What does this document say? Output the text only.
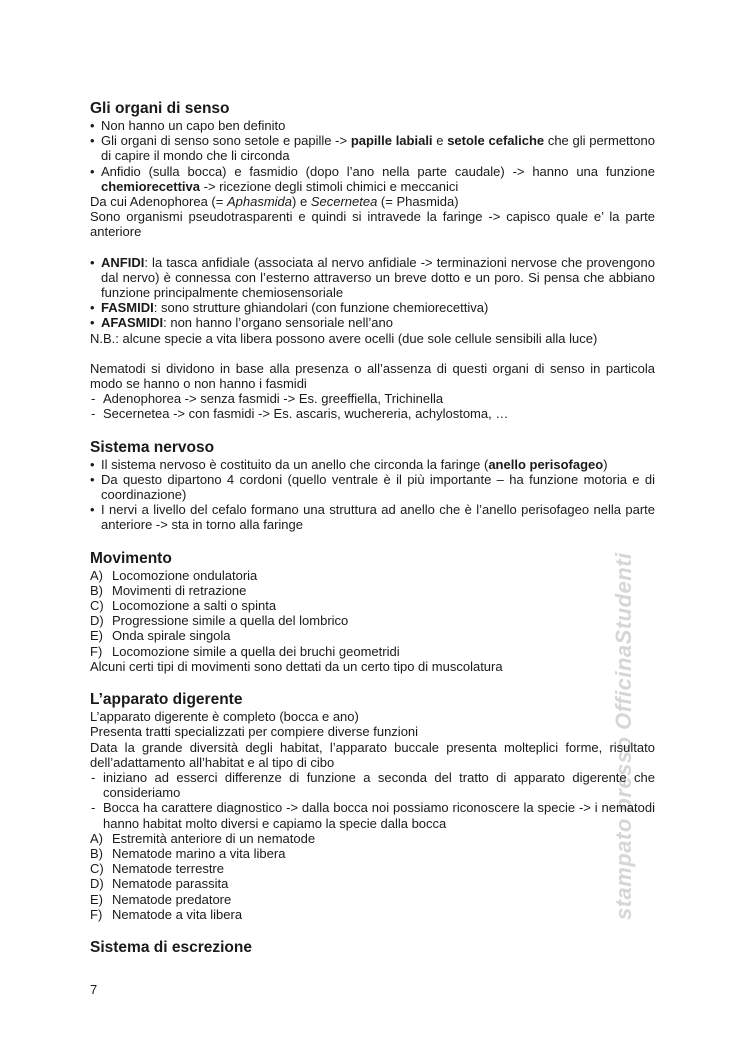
stampato presso OfficinaStudenti
Gli organi di senso
• Non hanno un capo ben definito
• Gli organi di senso sono setole e papille -> papille labiali e setole cefaliche che gli permettono di capire il mondo che li circonda
• Anfidio (sulla bocca) e fasmidio (dopo l’ano nella parte caudale) -> hanno una funzione chemiorecettiva -> ricezione degli stimoli chimici e meccanici

Da cui Adenophorea (= Aphasmida) e Secernetea (= Phasmida)

Sono organismi pseudotrasparenti e quindi si intravede la faringe -> capisco quale e’ la parte anteriore

• ANFIDI: la tasca anfidiale (associata al nervo anfidiale -> terminazioni nervose che provengono dal nervo) è connessa con l’esterno attraverso un breve dotto e un poro. Si pensa che abbiano funzione principalmente chemiosensoriale
• FASMIDI: sono strutture ghiandolari (con funzione chemiorecettiva)
• AFASMIDI: non hanno l’organo sensoriale nell’ano

N.B.: alcune specie a vita libera possono avere ocelli (due sole cellule sensibili alla luce)

Nematodi si dividono in base alla presenza o all’assenza di questi organi di senso in particola modo se hanno o non hanno i fasmidi

- Adenophorea -> senza fasmidi -> Es. greeffiella, Trichinella
- Secernetea -> con fasmidi -> Es. ascaris, wuchereria, achylostoma, …
Sistema nervoso
• Il sistema nervoso è costituito da un anello che circonda la faringe (anello perisofageo)
• Da questo dipartono 4 cordoni (quello ventrale è il più importante – ha funzione motoria e di coordinazione)
• I nervi a livello del cefalo formano una struttura ad anello che è l’anello perisofageo nella parte anteriore -> sta in torno alla faringe
Movimento
A) Locomozione ondulatoria
B) Movimenti di retrazione
C) Locomozione a salti o spinta
D) Progressione simile a quella del lombrico
E) Onda spirale singola
F) Locomozione simile a quella dei bruchi geometridi

Alcuni certi tipi di movimenti sono dettati da un certo tipo di muscolatura

L’apparato digerente

L’apparato digerente è completo (bocca e ano)

Presenta tratti specializzati per compiere diverse funzioni

Data la grande diversità degli habitat, l’apparato buccale presenta molteplici forme, risultato dell’adattamento all’habitat e al tipo di cibo

- iniziano ad esserci differenze di funzione a seconda del tratto di apparato digerente che consideriamo
- Bocca ha carattere diagnostico -> dalla bocca noi possiamo riconoscere la specie -> i nematodi hanno habitat molto diversi e capiamo la specie dalla bocca
A) Estremità anteriore di un nematode
B) Nematode marino a vita libera
C) Nematode terrestre
D) Nematode parassita
E) Nematode predatore
F) Nematode a vita libera
Sistema di escrezione
7
